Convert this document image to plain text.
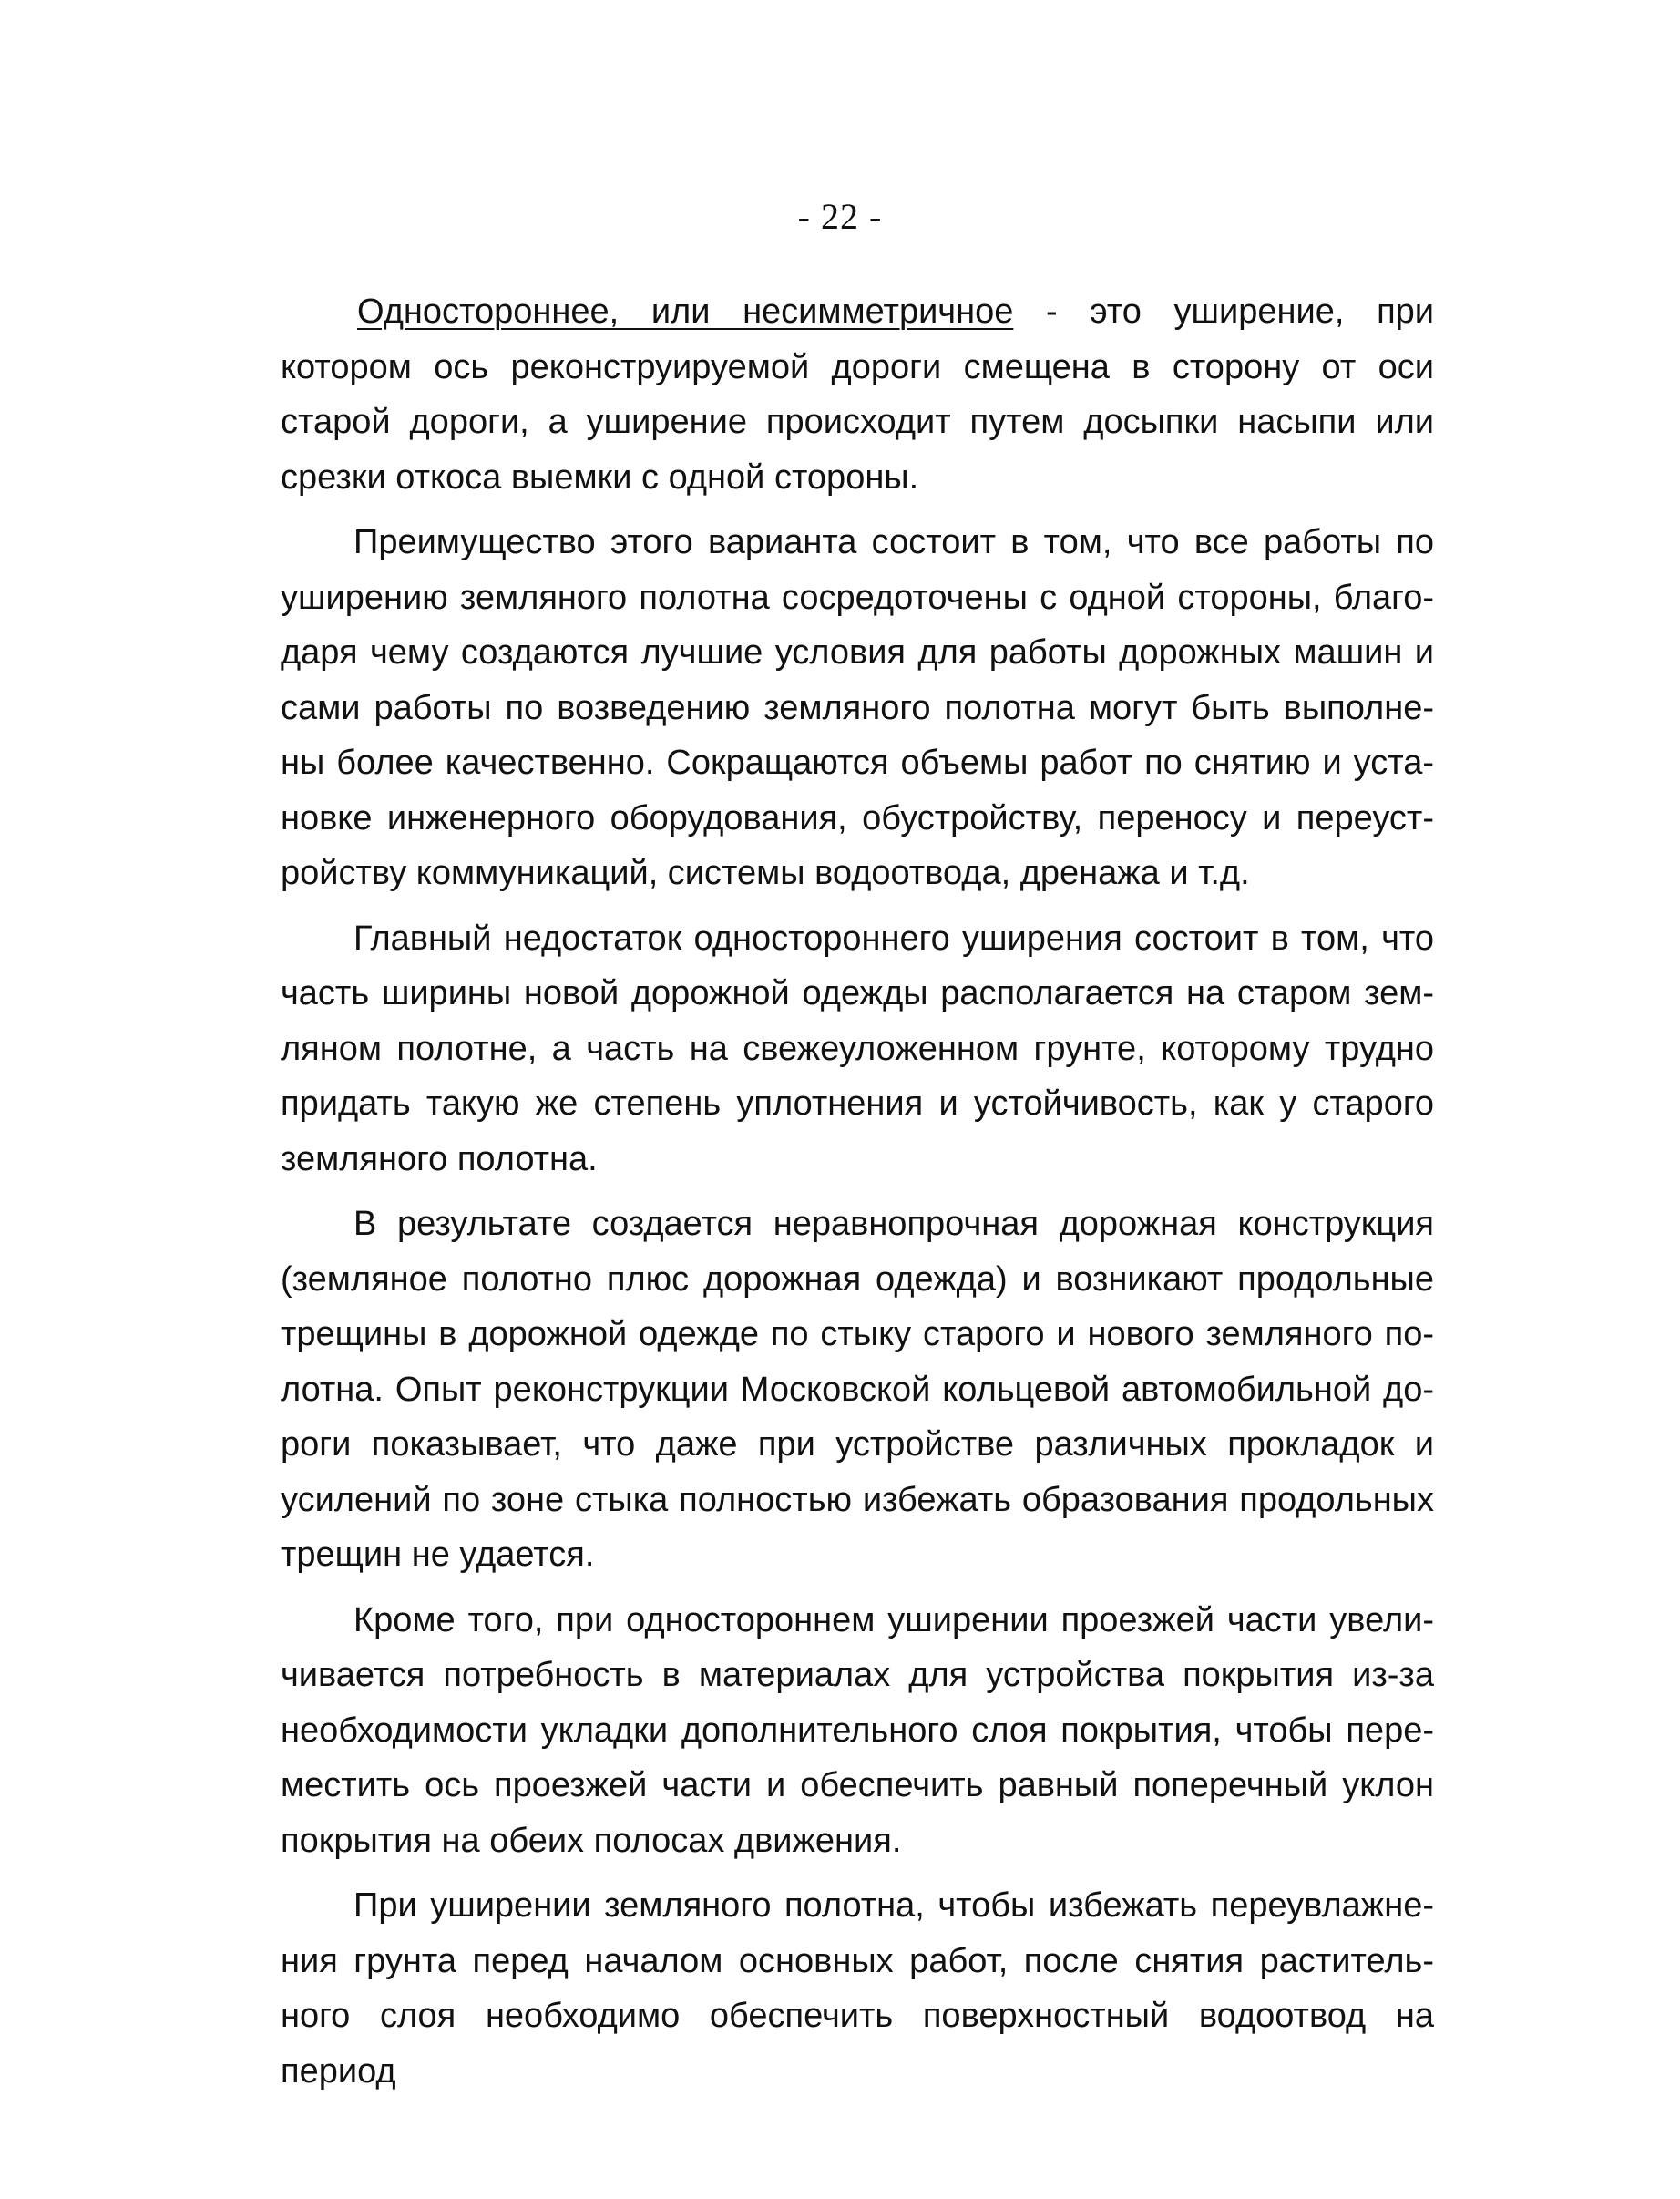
- 22 -

Одностороннее, или несимметричное - это уширение, при котором ось реконструируемой дороги смещена в сторону от оси старой дороги, а уширение происходит путем досыпки насыпи или срезки откоса выемки с одной стороны.

Преимущество этого варианта состоит в том, что все работы по уширению земляного полотна сосредоточены с одной стороны, благодаря чему создаются лучшие условия для работы дорожных машин и сами работы по возведению земляного полотна могут быть выполнены более качественно. Сокращаются объемы работ по снятию и установке инженерного оборудования, обустройству, переносу и переустройству коммуникаций, системы водоотвода, дренажа и т.д.

Главный недостаток одностороннего уширения состоит в том, что часть ширины новой дорожной одежды располагается на старом земляном полотне, а часть на свежеуложенном грунте, которому трудно придать такую же степень уплотнения и устойчивость, как у старого земляного полотна.

В результате создается неравнопрочная дорожная конструкция (земляное полотно плюс дорожная одежда) и возникают продольные трещины в дорожной одежде по стыку старого и нового земляного полотна. Опыт реконструкции Московской кольцевой автомобильной дороги показывает, что даже при устройстве различных прокладок и усилений по зоне стыка полностью избежать образования продольных трещин не удается.

Кроме того, при одностороннем уширении проезжей части увеличивается потребность в материалах для устройства покрытия из-за необходимости укладки дополнительного слоя покрытия, чтобы переместить ось проезжей части и обеспечить равный поперечный уклон покрытия на обеих полосах движения.

При уширении земляного полотна, чтобы избежать переувлажнения грунта перед началом основных работ, после снятия растительного слоя необходимо обеспечить поверхностный водоотвод на период
